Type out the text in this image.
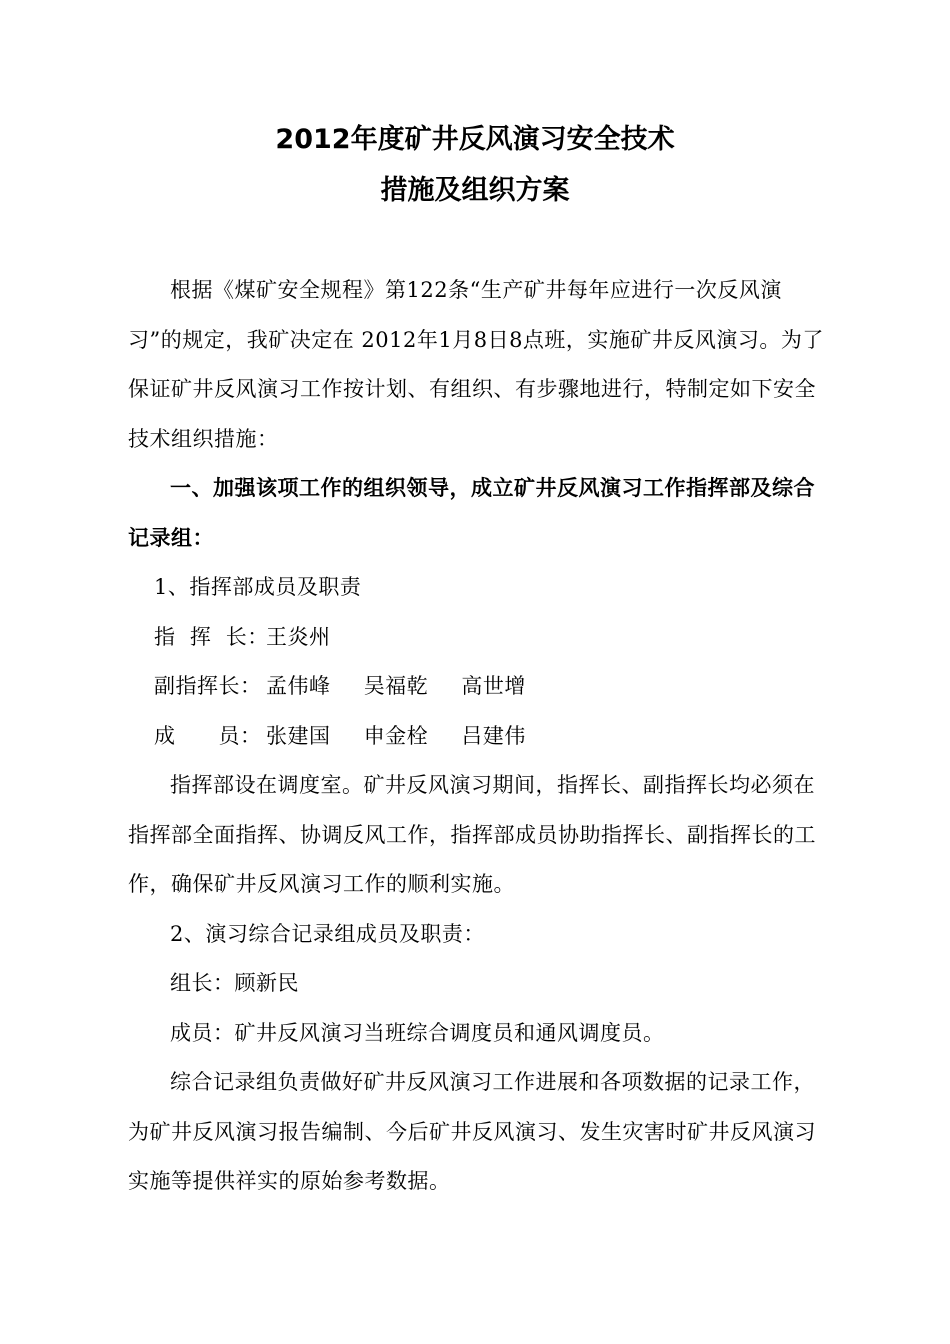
2012年度矿井反风演习安全技术
措施及组织方案

根据《煤矿安全规程》第122条“生产矿井每年应进行一次反风演习”的规定，我矿决定在 2012年1月8日8点班，实施矿井反风演习。为了保证矿井反风演习工作按计划、有组织、有步骤地进行，特制定如下安全技术组织措施：

一、加强该项工作的组织领导，成立矿井反风演习工作指挥部及综合记录组：

1、指挥部成员及职责

指  挥  长：
王炎州
副指挥长： 孟伟峰 吴福乾 高世增
成      员： 张建国 申金栓 吕建伟

指挥部设在调度室。矿井反风演习期间，指挥长、副指挥长均必须在指挥部全面指挥、协调反风工作，指挥部成员协助指挥长、副指挥长的工作，确保矿井反风演习工作的顺利实施。

2、演习综合记录组成员及职责：

组长：顾新民

成员：矿井反风演习当班综合调度员和通风调度员。

综合记录组负责做好矿井反风演习工作进展和各项数据的记录工作，为矿井反风演习报告编制、今后矿井反风演习、发生灾害时矿井反风演习实施等提供祥实的原始参考数据。
